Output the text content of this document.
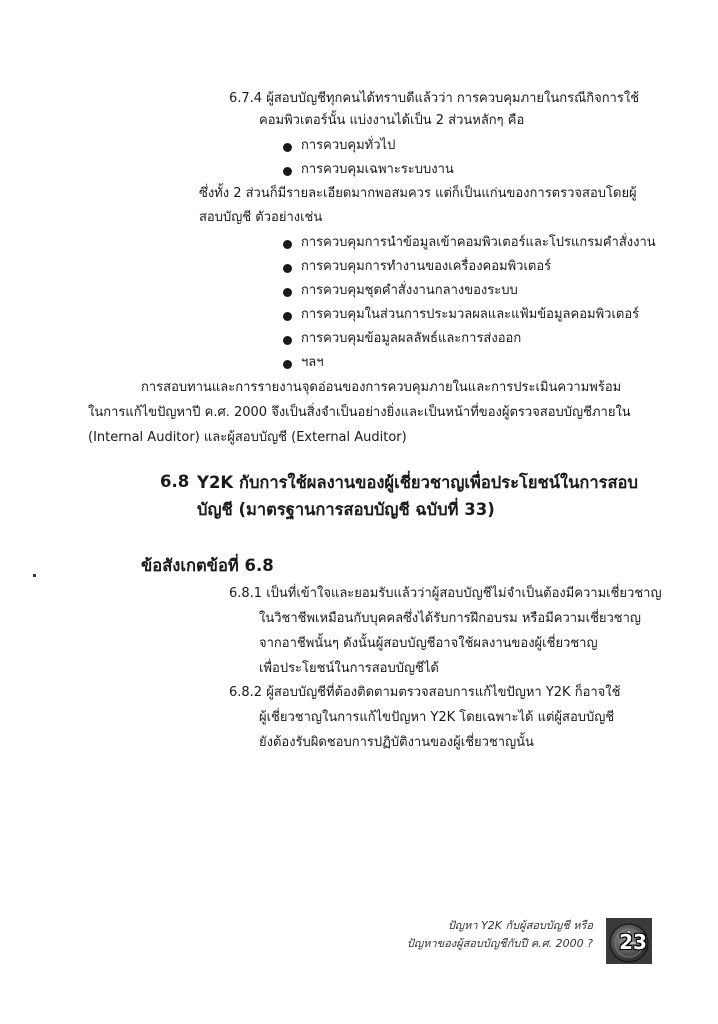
6.7.4 ผู้สอบบัญชีทุกคนได้ทราบดีแล้วว่า การควบคุมภายในกรณีกิจการใช้
คอมพิวเตอร์นั้น แบ่งงานได้เป็น 2 ส่วนหลักๆ คือ
การควบคุมทั่วไป
การควบคุมเฉพาะระบบงาน
ซึ่งทั้ง 2 ส่วนก็มีรายละเอียดมากพอสมควร แต่ก็เป็นแก่นของการตรวจสอบโดยผู้
สอบบัญชี ตัวอย่างเช่น
การควบคุมการนำข้อมูลเข้าคอมพิวเตอร์และโปรแกรมคำสั่งงาน
การควบคุมการทำงานของเครื่องคอมพิวเตอร์
การควบคุมชุดคำสั่งงานกลางของระบบ
การควบคุมในส่วนการประมวลผลและแฟ้มข้อมูลคอมพิวเตอร์
การควบคุมข้อมูลผลลัพธ์และการส่งออก
ฯลฯ
การสอบทานและการรายงานจุดอ่อนของการควบคุมภายในและการประเมินความพร้อม
ในการแก้ไขปัญหาปี ค.ศ. 2000 จึงเป็นสิ่งจำเป็นอย่างยิ่งและเป็นหน้าที่ของผู้ตรวจสอบบัญชีภายใน
(Internal Auditor) และผู้สอบบัญชี (External Auditor)
6.8 Y2K กับการใช้ผลงานของผู้เชี่ยวชาญเพื่อประโยชน์ในการสอบ
บัญชี (มาตรฐานการสอบบัญชี ฉบับที่ 33)
ข้อสังเกตข้อที่ 6.8
6.8.1 เป็นที่เข้าใจและยอมรับแล้วว่าผู้สอบบัญชีไม่จำเป็นต้องมีความเชี่ยวชาญ
ในวิชาชีพเหมือนกับบุคคลซึ่งได้รับการฝึกอบรม หรือมีความเชี่ยวชาญ
จากอาชีพนั้นๆ ดังนั้นผู้สอบบัญชีอาจใช้ผลงานของผู้เชี่ยวชาญ
เพื่อประโยชน์ในการสอบบัญชีได้
6.8.2 ผู้สอบบัญชีที่ต้องติดตามตรวจสอบการแก้ไขปัญหา Y2K ก็อาจใช้
ผู้เชี่ยวชาญในการแก้ไขปัญหา Y2K โดยเฉพาะได้ แต่ผู้สอบบัญชี
ยังต้องรับผิดชอบการปฏิบัติงานของผู้เชี่ยวชาญนั้น
ปัญหา Y2K กับผู้สอบบัญชี หรือ
ปัญหาของผู้สอบบัญชีกับปี ค.ศ. 2000 ? 23
